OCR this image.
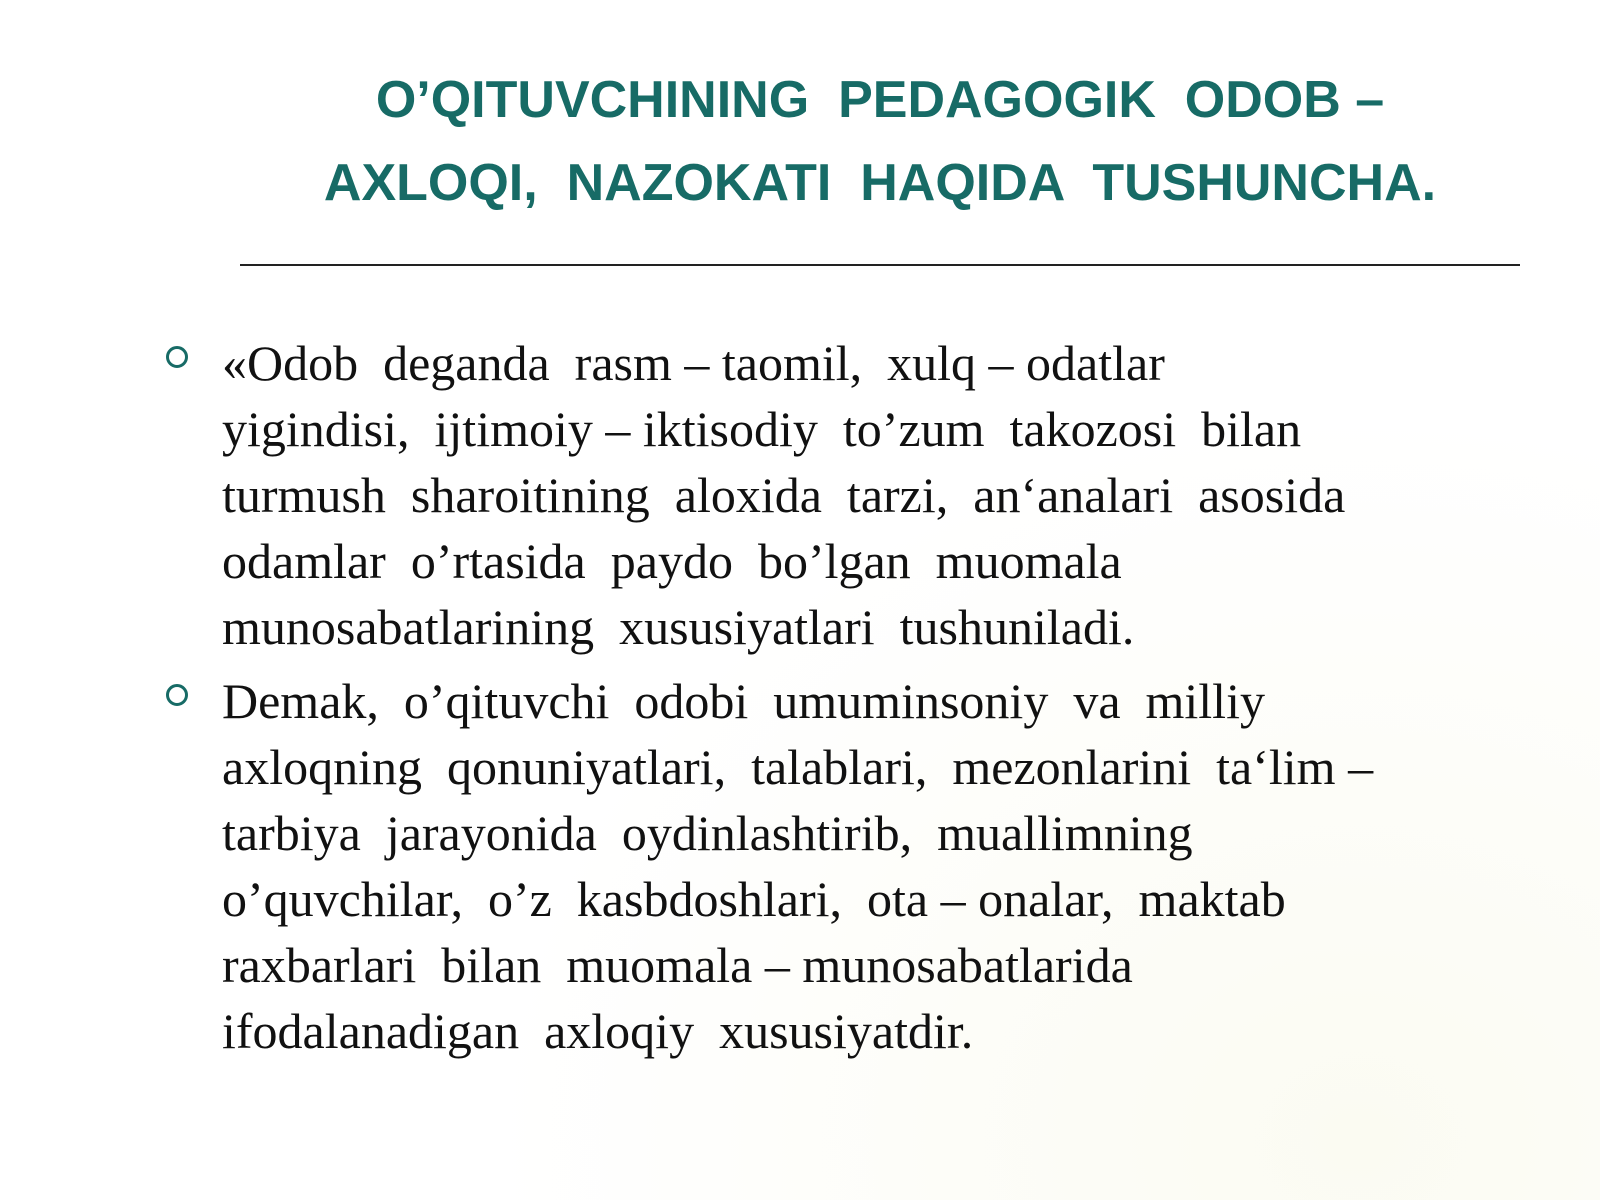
O’QITUVCHINING  PEDAGOGIK  ODOB –
AXLOQI,  NAZOKATI  HAQIDA  TUSHUNCHA.
«Odob  deganda  rasm – taomil,  xulq – odatlar
yigindisi,  ijtimoiy – iktisodiy  to’zum  takozosi  bilan
turmush  sharoitining  aloxida  tarzi,  an‘analari  asosida
odamlar  o’rtasida  paydo  bo’lgan  muomala
munosabatlarining  xususiyatlari  tushuniladi.
Demak,  o’qituvchi  odobi  umuminsoniy  va  milliy
axloqning  qonuniyatlari,  talablari,  mezonlarini  ta‘lim –
tarbiya  jarayonida  oydinlashtirib,  muallimning
o’quvchilar,  o’z  kasbdoshlari,  ota – onalar,  maktab
raxbarlari  bilan  muomala – munosabatlarida
ifodalanadigan  axloqiy  xususiyatdir.
